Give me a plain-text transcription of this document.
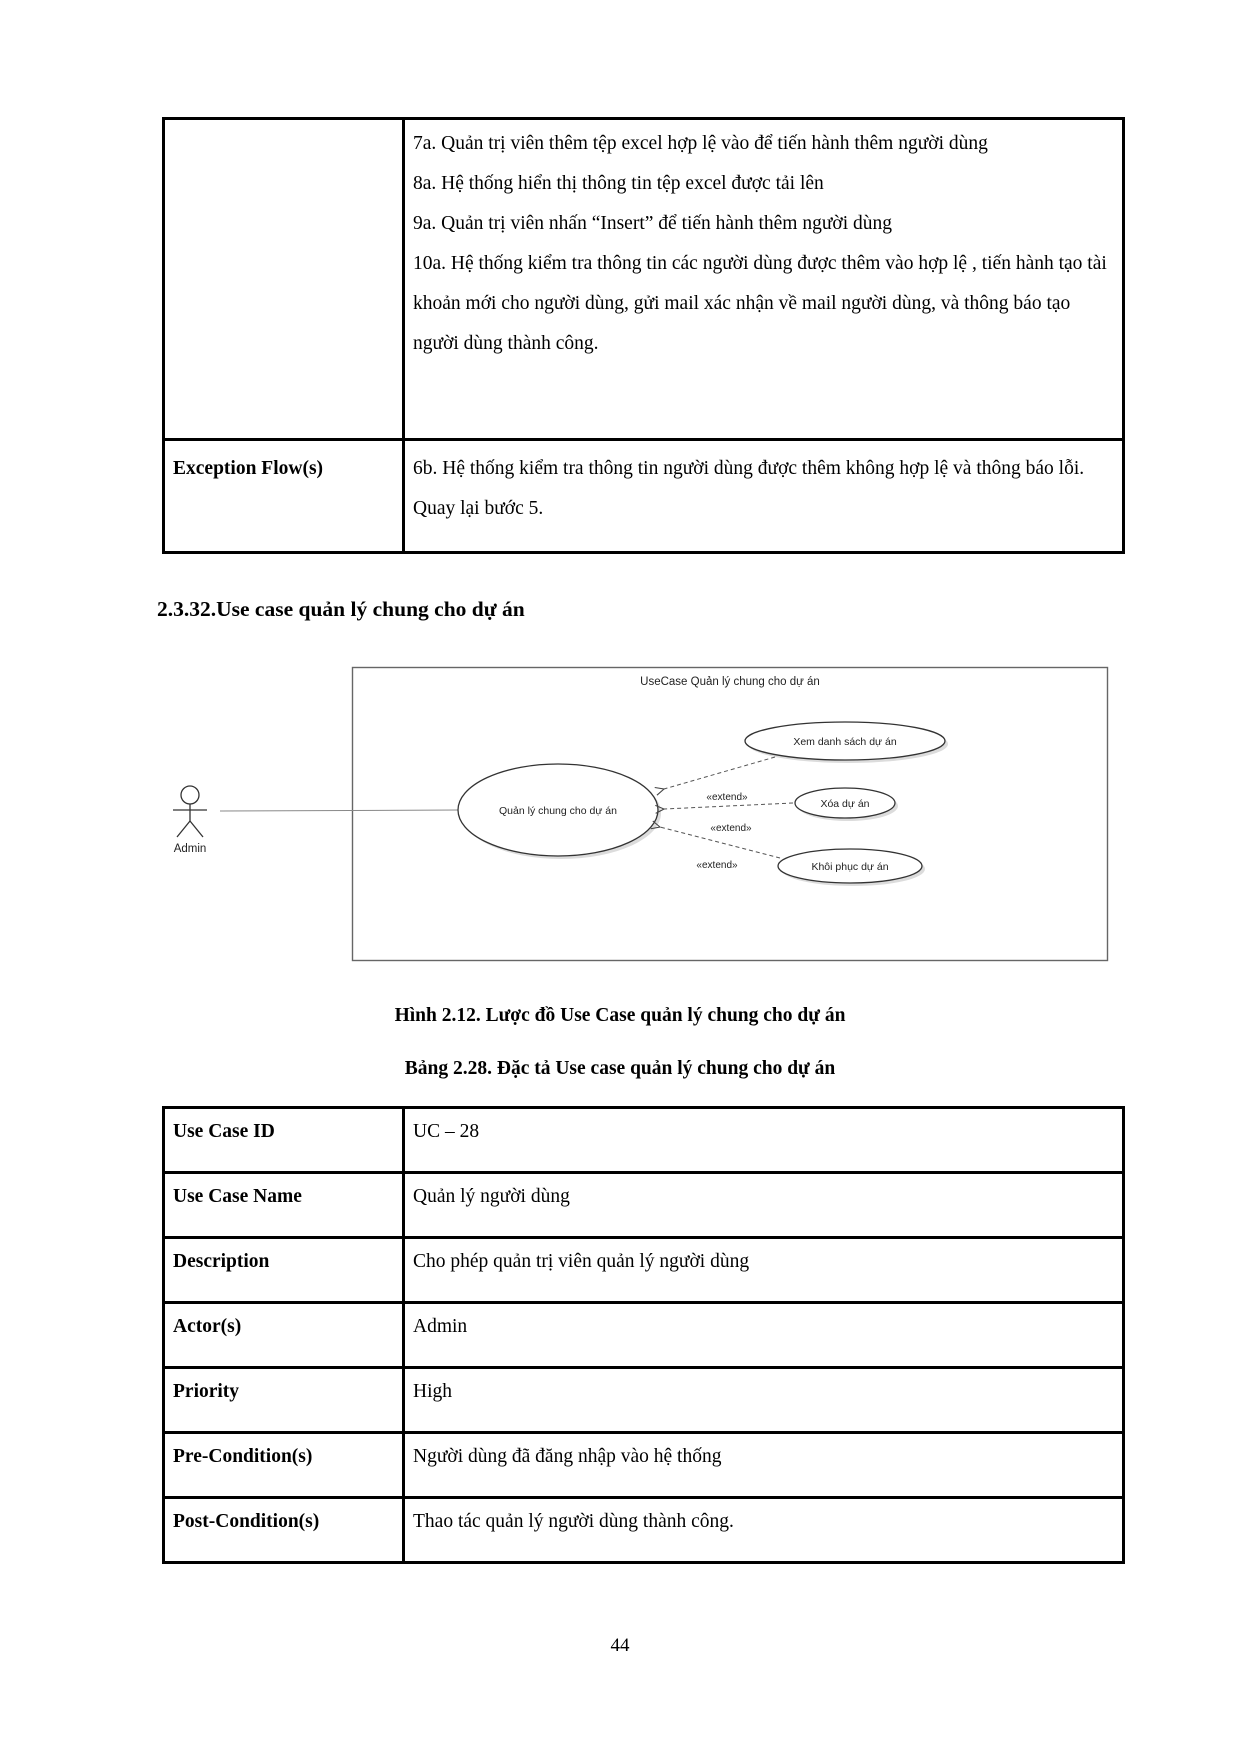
	7a. Quản trị viên thêm tệp excel hợp lệ vào để tiến hành thêm người dùng
8a. Hệ thống hiển thị thông tin tệp excel được tải lên
9a. Quản trị viên nhấn “Insert” để tiến hành thêm người dùng
10a. Hệ thống kiểm tra thông tin các người dùng được thêm vào hợp lệ , tiến hành tạo tài khoản mới cho người dùng, gửi mail xác nhận về mail người dùng, và thông báo tạo người dùng thành công.

Exception Flow(s)	6b. Hệ thống kiểm tra thông tin người dùng được thêm không hợp lệ và thông báo lỗi. Quay lại bước 5.
2.3.32.Use case quản lý chung cho dự án
UseCase Quản lý chung cho dự án
Admin
Quản lý chung cho dự án
Xem danh sách dự án
Xóa dự án
Khôi phục dự án
«extend»
«extend»
«extend»
Hình 2.12. Lược đồ Use Case quản lý chung cho dự án
Bảng 2.28. Đặc tả Use case quản lý chung cho dự án
Use Case ID	UC – 28
Use Case Name	Quản lý người dùng
Description	Cho phép quản trị viên quản lý người dùng
Actor(s)	Admin
Priority	High
Pre-Condition(s)	Người dùng đã đăng nhập vào hệ thống
Post-Condition(s)	Thao tác quản lý người dùng thành công.
44
